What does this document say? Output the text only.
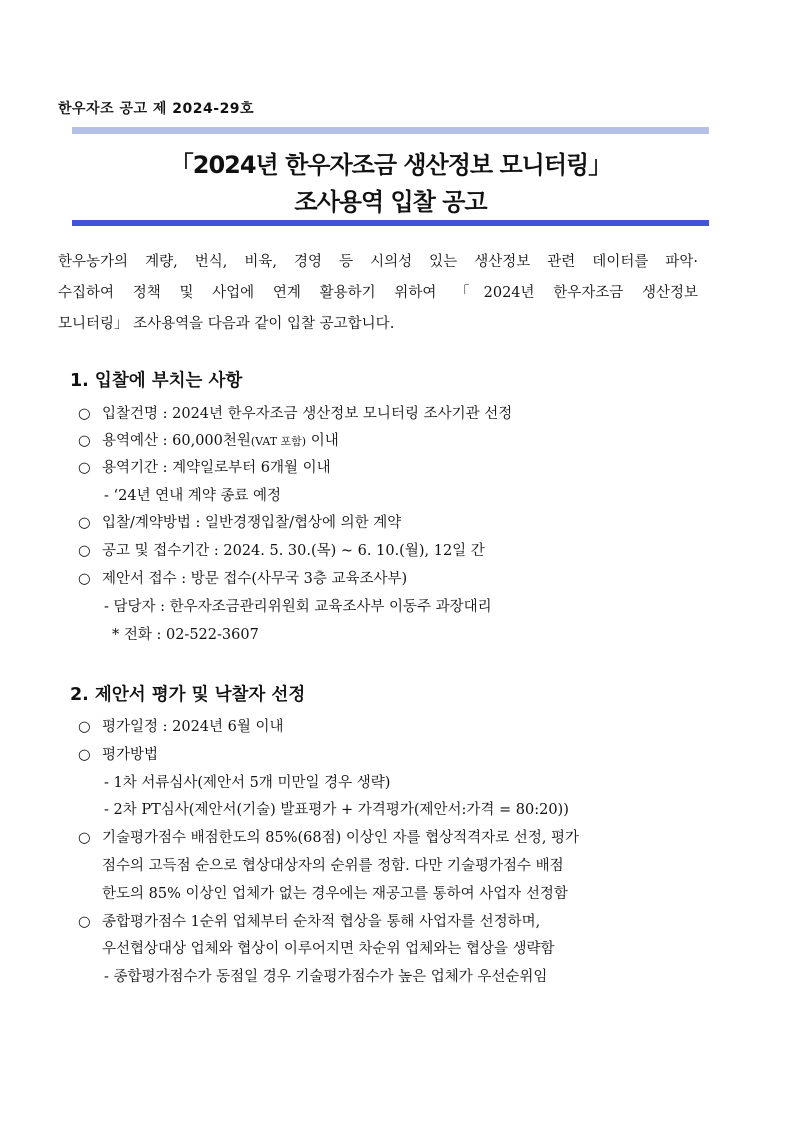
한우자조 공고 제 2024-29호
「2024년 한우자조금 생산정보 모니터링」
조사용역 입찰 공고
한우농가의 계량, 번식, 비육, 경영 등 시의성 있는 생산정보 관련 데이터를 파악·
수집하여 정책 및 사업에 연계 활용하기 위하여 「2024년 한우자조금 생산정보
모니터링」 조사용역을 다음과 같이 입찰 공고합니다.
1. 입찰에 부치는 사항
○ 입찰건명 : 2024년 한우자조금 생산정보 모니터링 조사기관 선정
○ 용역예산 : 60,000천원(VAT 포함) 이내
○ 용역기간 : 계약일로부터 6개월 이내
- ‘24년 연내 계약 종료 예정
○ 입찰/계약방법 : 일반경쟁입찰/협상에 의한 계약
○ 공고 및 접수기간 : 2024. 5. 30.(목) ~ 6. 10.(월), 12일 간
○ 제안서 접수 : 방문 접수(사무국 3층 교육조사부)
- 담당자 : 한우자조금관리위원회 교육조사부 이동주 과장대리
* 전화 : 02-522-3607
2. 제안서 평가 및 낙찰자 선정
○ 평가일정 : 2024년 6월 이내
○ 평가방법
- 1차 서류심사(제안서 5개 미만일 경우 생략)
- 2차 PT심사(제안서(기술) 발표평가 + 가격평가(제안서:가격 = 80:20))
○ 기술평가점수 배점한도의 85%(68점) 이상인 자를 협상적격자로 선정, 평가
점수의 고득점 순으로 협상대상자의 순위를 정함. 다만 기술평가점수 배점
한도의 85% 이상인 업체가 없는 경우에는 재공고를 통하여 사업자 선정함
○ 종합평가점수 1순위 업체부터 순차적 협상을 통해 사업자를 선정하며,
우선협상대상 업체와 협상이 이루어지면 차순위 업체와는 협상을 생략함
- 종합평가점수가 동점일 경우 기술평가점수가 높은 업체가 우선순위임
